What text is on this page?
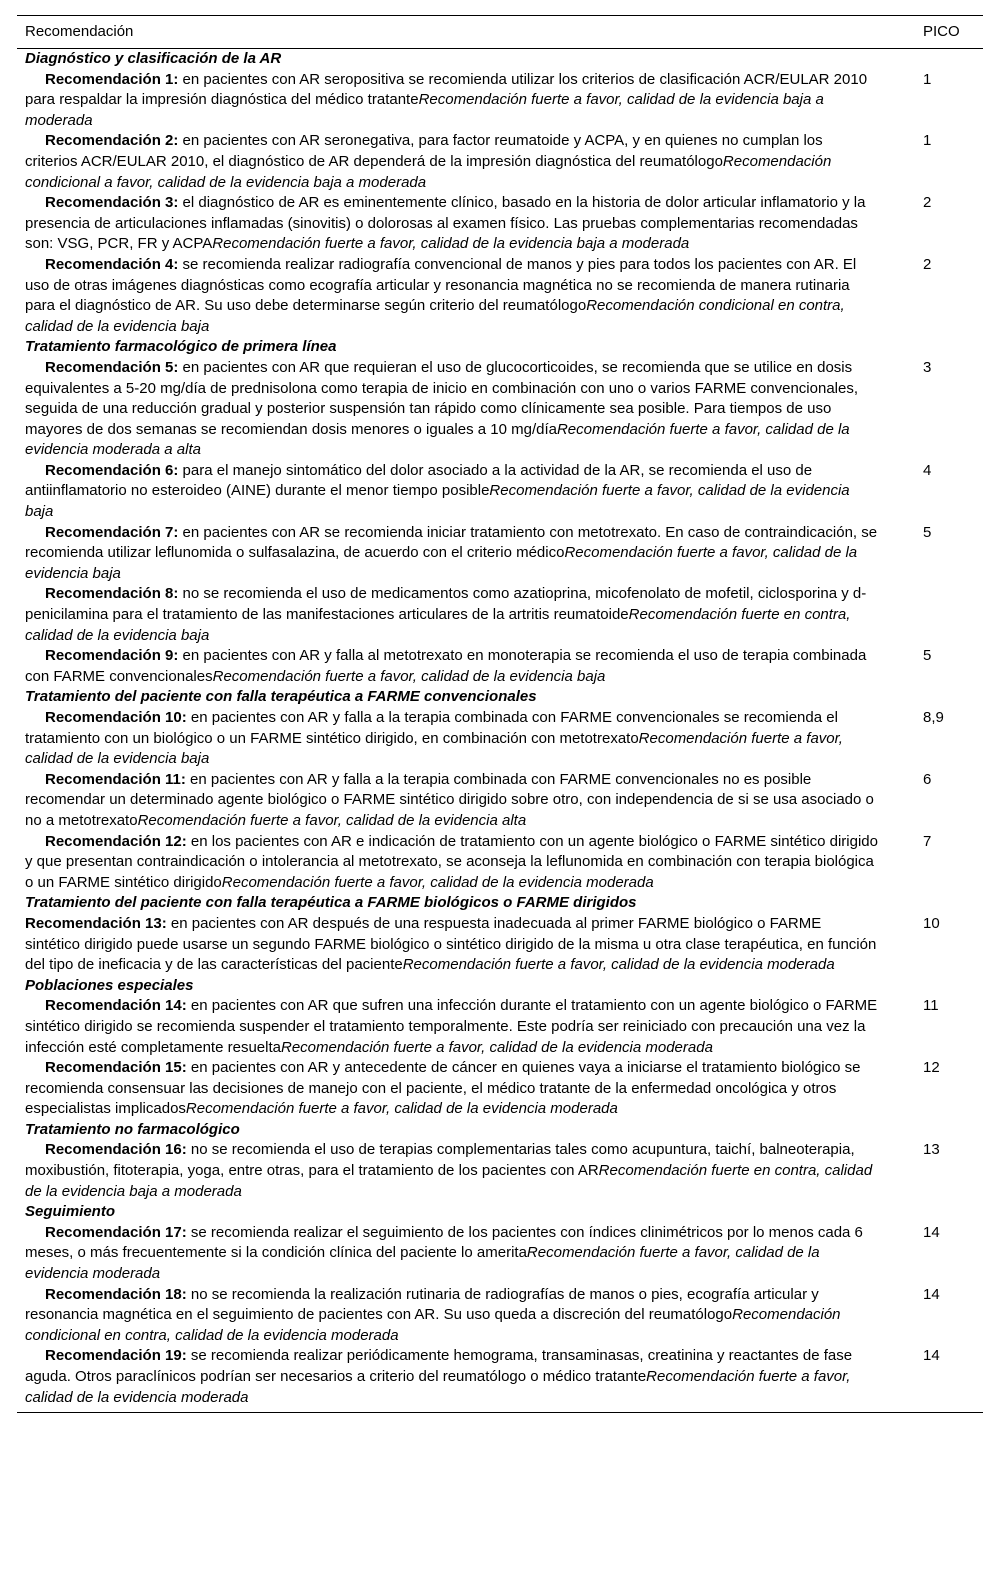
Recomendación	PICO
Diagnóstico y clasificación de la AR	
Recomendación 1: en pacientes con AR seropositiva se recomienda utilizar los criterios de clasificación ACR/EULAR 2010 para respaldar la impresión diagnóstica del médico tratanteRecomendación fuerte a favor, calidad de la evidencia baja a moderada	1
Recomendación 2: en pacientes con AR seronegativa, para factor reumatoide y ACPA, y en quienes no cumplan los criterios ACR/EULAR 2010, el diagnóstico de AR dependerá de la impresión diagnóstica del reumatólogoRecomendación condicional a favor, calidad de la evidencia baja a moderada	1
Recomendación 3: el diagnóstico de AR es eminentemente clínico, basado en la historia de dolor articular inflamatorio y la presencia de articulaciones inflamadas (sinovitis) o dolorosas al examen físico. Las pruebas complementarias recomendadas son: VSG, PCR, FR y ACPARecomendación fuerte a favor, calidad de la evidencia baja a moderada	2
Recomendación 4: se recomienda realizar radiografía convencional de manos y pies para todos los pacientes con AR. El uso de otras imágenes diagnósticas como ecografía articular y resonancia magnética no se recomienda de manera rutinaria para el diagnóstico de AR. Su uso debe determinarse según criterio del reumatólogoRecomendación condicional en contra, calidad de la evidencia baja	2
Tratamiento farmacológico de primera línea	
Recomendación 5: en pacientes con AR que requieran el uso de glucocorticoides, se recomienda que se utilice en dosis equivalentes a 5-20 mg/día de prednisolona como terapia de inicio en combinación con uno o varios FARME convencionales, seguida de una reducción gradual y posterior suspensión tan rápido como clínicamente sea posible. Para tiempos de uso mayores de dos semanas se recomiendan dosis menores o iguales a 10 mg/díaRecomendación fuerte a favor, calidad de la evidencia moderada a alta	3
Recomendación 6: para el manejo sintomático del dolor asociado a la actividad de la AR, se recomienda el uso de antiinflamatorio no esteroideo (AINE) durante el menor tiempo posibleRecomendación fuerte a favor, calidad de la evidencia baja	4
Recomendación 7: en pacientes con AR se recomienda iniciar tratamiento con metotrexato. En caso de contraindicación, se recomienda utilizar leflunomida o sulfasalazina, de acuerdo con el criterio médicoRecomendación fuerte a favor, calidad de la evidencia baja	5
Recomendación 8: no se recomienda el uso de medicamentos como azatioprina, micofenolato de mofetil, ciclosporina y d-penicilamina para el tratamiento de las manifestaciones articulares de la artritis reumatoideRecomendación fuerte en contra, calidad de la evidencia baja	
Recomendación 9: en pacientes con AR y falla al metotrexato en monoterapia se recomienda el uso de terapia combinada con FARME convencionalesRecomendación fuerte a favor, calidad de la evidencia baja	5
Tratamiento del paciente con falla terapéutica a FARME convencionales	
Recomendación 10: en pacientes con AR y falla a la terapia combinada con FARME convencionales se recomienda el tratamiento con un biológico o un FARME sintético dirigido, en combinación con metotrexatoRecomendación fuerte a favor, calidad de la evidencia baja	8,9
Recomendación 11: en pacientes con AR y falla a la terapia combinada con FARME convencionales no es posible recomendar un determinado agente biológico o FARME sintético dirigido sobre otro, con independencia de si se usa asociado o no a metotrexatoRecomendación fuerte a favor, calidad de la evidencia alta	6
Recomendación 12: en los pacientes con AR e indicación de tratamiento con un agente biológico o FARME sintético dirigido y que presentan contraindicación o intolerancia al metotrexato, se aconseja la leflunomida en combinación con terapia biológica o un FARME sintético dirigidoRecomendación fuerte a favor, calidad de la evidencia moderada	7
Tratamiento del paciente con falla terapéutica a FARME biológicos o FARME dirigidos	
Recomendación 13: en pacientes con AR después de una respuesta inadecuada al primer FARME biológico o FARME sintético dirigido puede usarse un segundo FARME biológico o sintético dirigido de la misma u otra clase terapéutica, en función del tipo de ineficacia y de las características del pacienteRecomendación fuerte a favor, calidad de la evidencia moderada	10
Poblaciones especiales	
Recomendación 14: en pacientes con AR que sufren una infección durante el tratamiento con un agente biológico o FARME sintético dirigido se recomienda suspender el tratamiento temporalmente. Este podría ser reiniciado con precaución una vez la infección esté completamente resueltaRecomendación fuerte a favor, calidad de la evidencia moderada	11
Recomendación 15: en pacientes con AR y antecedente de cáncer en quienes vaya a iniciarse el tratamiento biológico se recomienda consensuar las decisiones de manejo con el paciente, el médico tratante de la enfermedad oncológica y otros especialistas implicadosRecomendación fuerte a favor, calidad de la evidencia moderada	12
Tratamiento no farmacológico	
Recomendación 16: no se recomienda el uso de terapias complementarias tales como acupuntura, taichí, balneoterapia, moxibustión, fitoterapia, yoga, entre otras, para el tratamiento de los pacientes con ARRecomendación fuerte en contra, calidad de la evidencia baja a moderada	13
Seguimiento	
Recomendación 17: se recomienda realizar el seguimiento de los pacientes con índices clinimétricos por lo menos cada 6 meses, o más frecuentemente si la condición clínica del paciente lo ameritaRecomendación fuerte a favor, calidad de la evidencia moderada	14
Recomendación 18: no se recomienda la realización rutinaria de radiografías de manos o pies, ecografía articular y resonancia magnética en el seguimiento de pacientes con AR. Su uso queda a discreción del reumatólogoRecomendación condicional en contra, calidad de la evidencia moderada	14
Recomendación 19: se recomienda realizar periódicamente hemograma, transaminasas, creatinina y reactantes de fase aguda. Otros paraclínicos podrían ser necesarios a criterio del reumatólogo o médico tratanteRecomendación fuerte a favor, calidad de la evidencia moderada	14
